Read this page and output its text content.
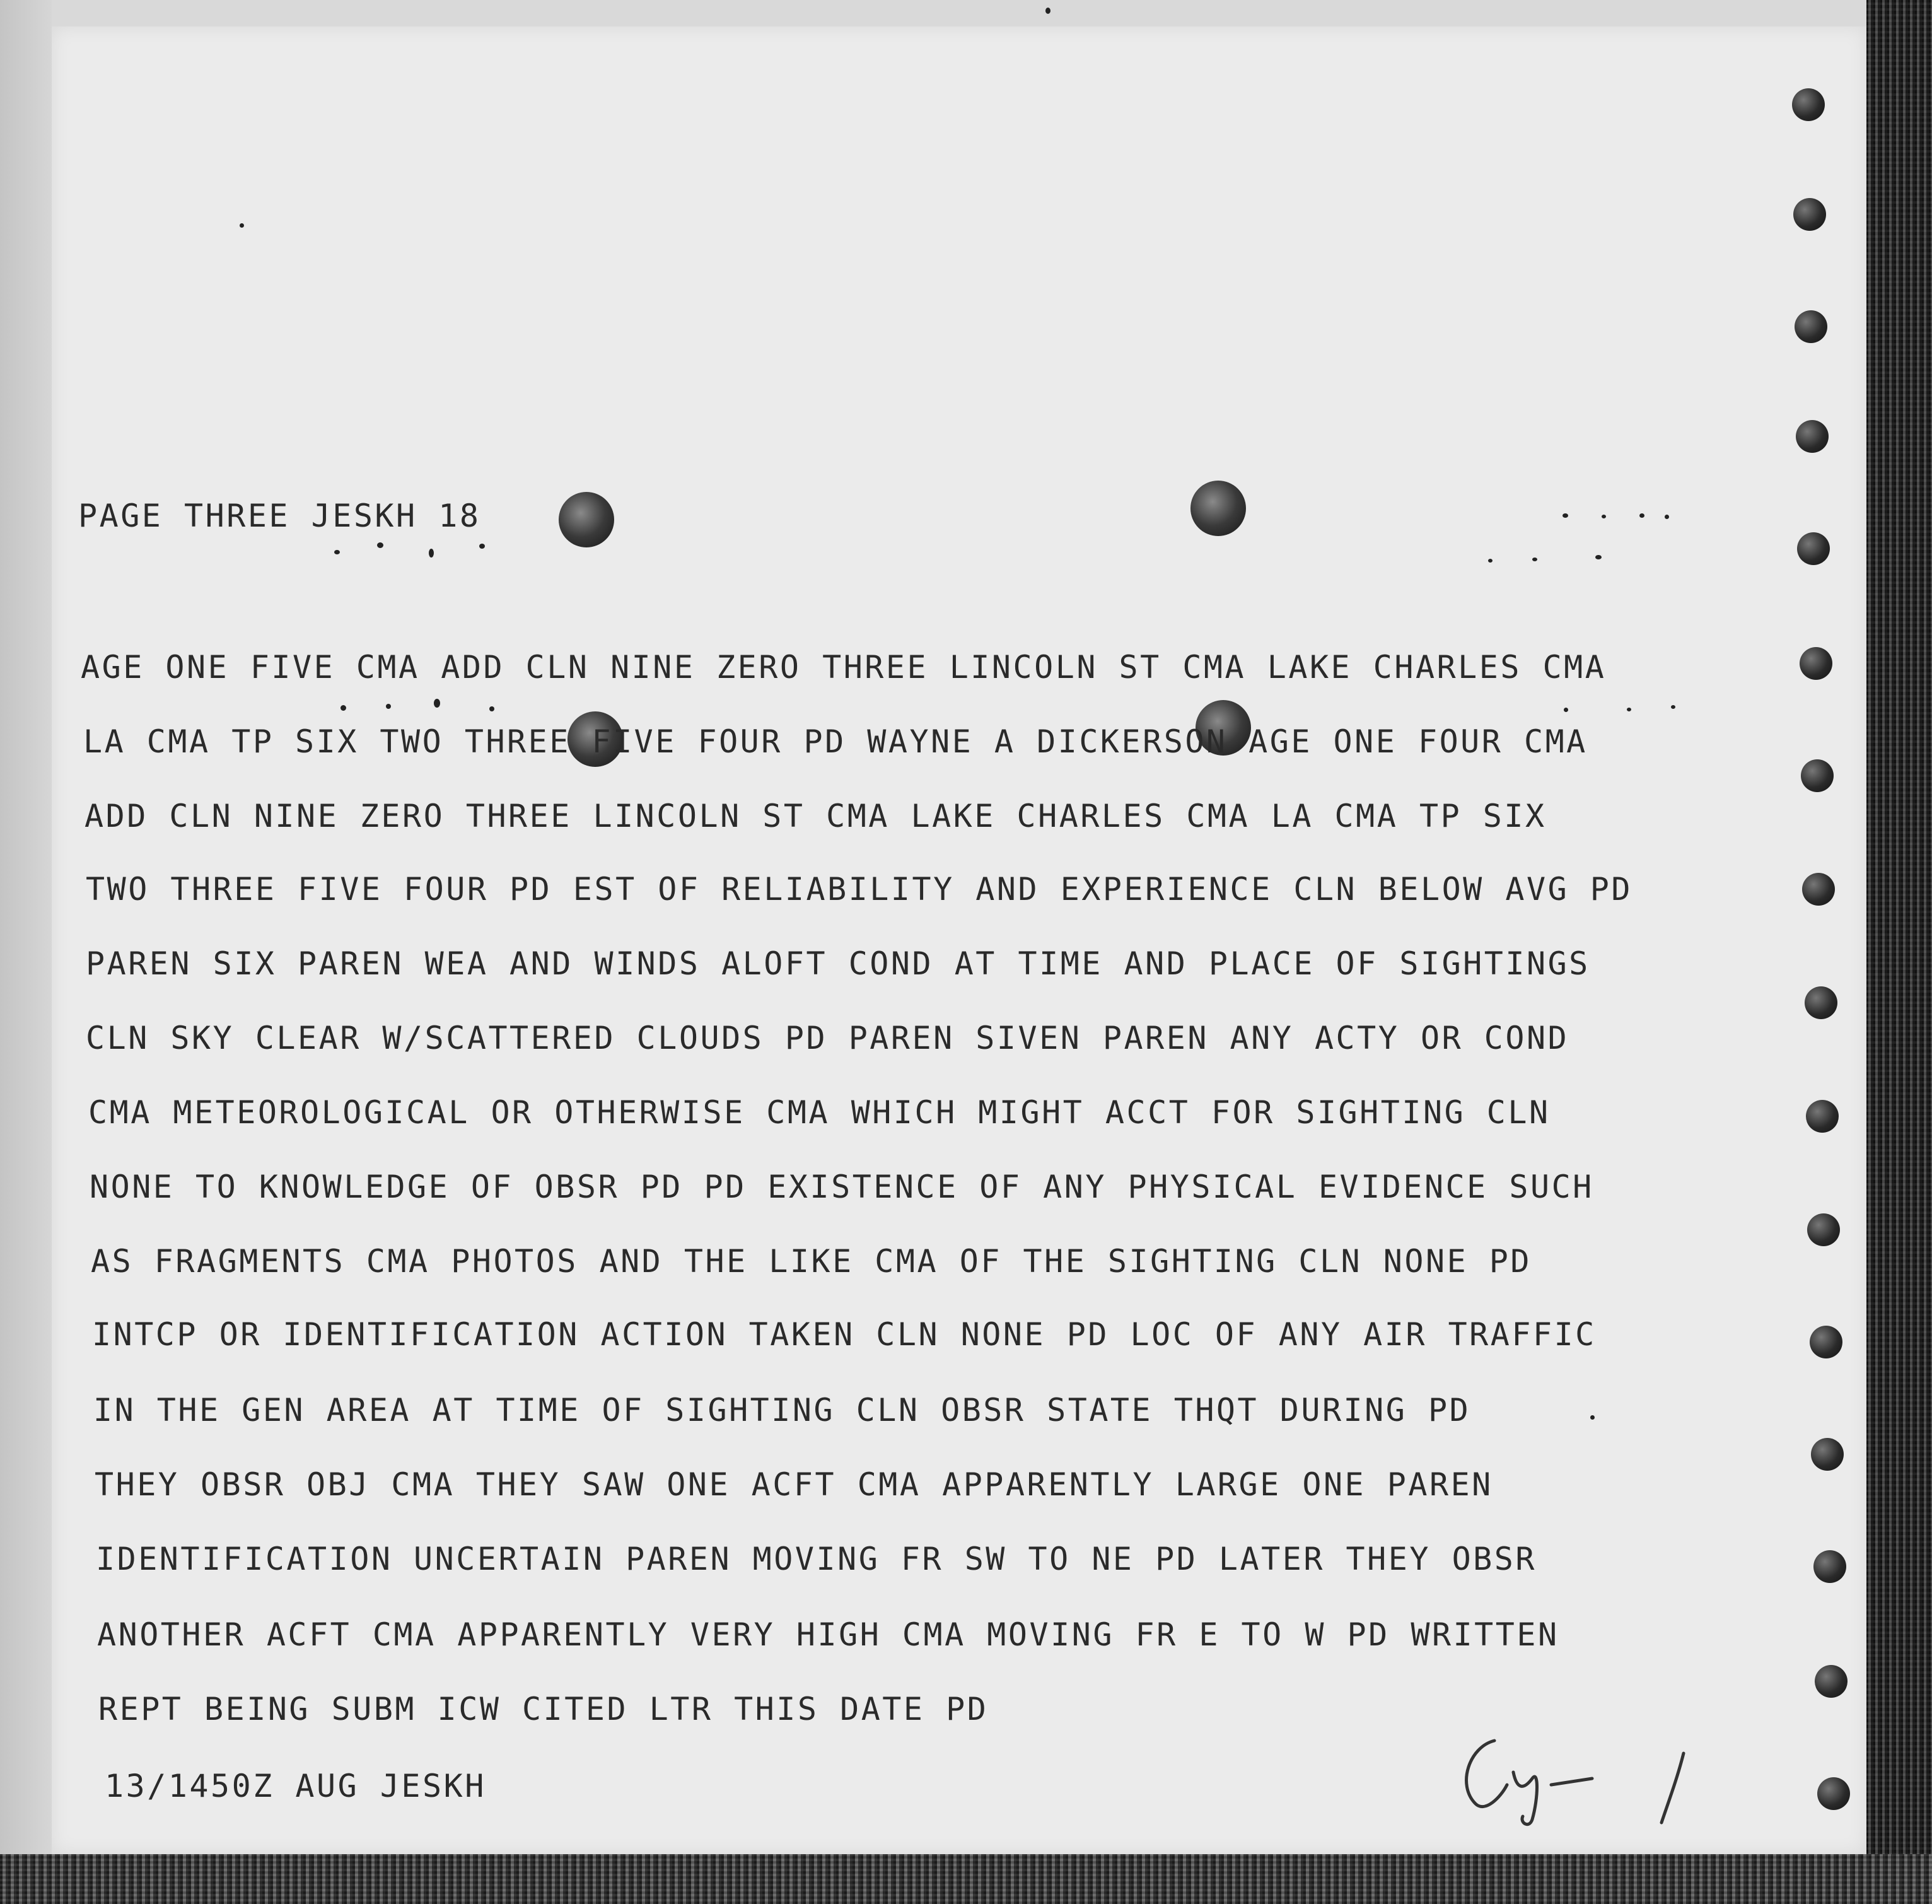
PAGE THREE JESKH 18

AGE ONE FIVE CMA ADD CLN NINE ZERO THREE LINCOLN ST CMA LAKE CHARLES CMA

LA CMA TP SIX TWO THREE FIVE FOUR PD WAYNE A DICKERSON AGE ONE FOUR CMA

ADD CLN NINE ZERO THREE LINCOLN ST CMA LAKE CHARLES CMA LA CMA TP SIX

TWO THREE FIVE FOUR PD EST OF RELIABILITY AND EXPERIENCE CLN BELOW AVG PD

PAREN SIX PAREN WEA AND WINDS ALOFT COND AT TIME AND PLACE OF SIGHTINGS

CLN SKY CLEAR W/SCATTERED CLOUDS PD PAREN SIVEN PAREN ANY ACTY OR COND

CMA METEOROLOGICAL OR OTHERWISE CMA WHICH MIGHT ACCT FOR SIGHTING CLN

NONE TO KNOWLEDGE OF OBSR PD PD EXISTENCE OF ANY PHYSICAL EVIDENCE SUCH

AS FRAGMENTS CMA PHOTOS AND THE LIKE CMA OF THE SIGHTING CLN NONE PD

INTCP OR IDENTIFICATION ACTION TAKEN CLN NONE PD LOC OF ANY AIR TRAFFIC

IN THE GEN AREA AT TIME OF SIGHTING CLN OBSR STATE THQT DURING PD

THEY OBSR OBJ CMA THEY SAW ONE ACFT CMA APPARENTLY LARGE ONE PAREN

IDENTIFICATION UNCERTAIN PAREN MOVING FR SW TO NE PD LATER THEY OBSR

ANOTHER ACFT CMA APPARENTLY VERY HIGH CMA MOVING FR E TO W PD WRITTEN

REPT BEING SUBM ICW CITED LTR THIS DATE PD

13/1450Z AUG JESKH
